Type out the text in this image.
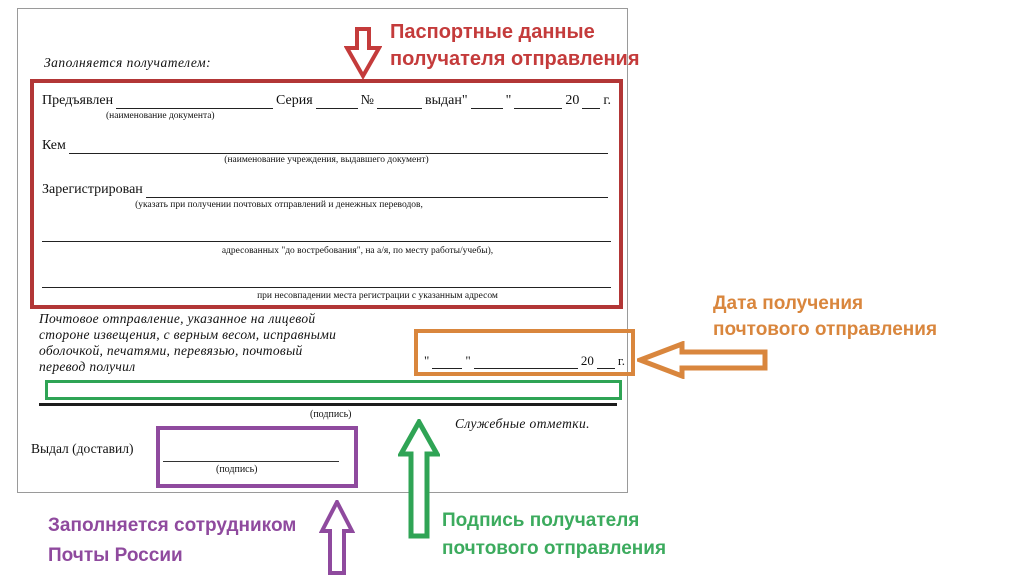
Заполняется получателем:
Предъявлен	Серия	№	выдан "	"	20 г.
(наименование документа)
Кем
(наименование учреждения, выдавшего документ)
Зарегистрирован
(указать при получении почтовых отправлений и денежных переводов,
адресованных "до востребования", на а/я, по месту работы/учебы),
при несовпадении места регистрации с указанным адресом
Почтовое отправление, указанное на лицевой
стороне извещения, с верным весом, исправными
оболочкой, печатями, перевязью, почтовый
перевод получил	"	"	20 г.
(подпись)
Служебные отметки.
Выдал (доставил)
(подпись)
Паспортные данные
получателя отправления
Дата получения
почтового отправления
Подпись получателя
почтового отправления
Заполняется сотрудником
Почты России
